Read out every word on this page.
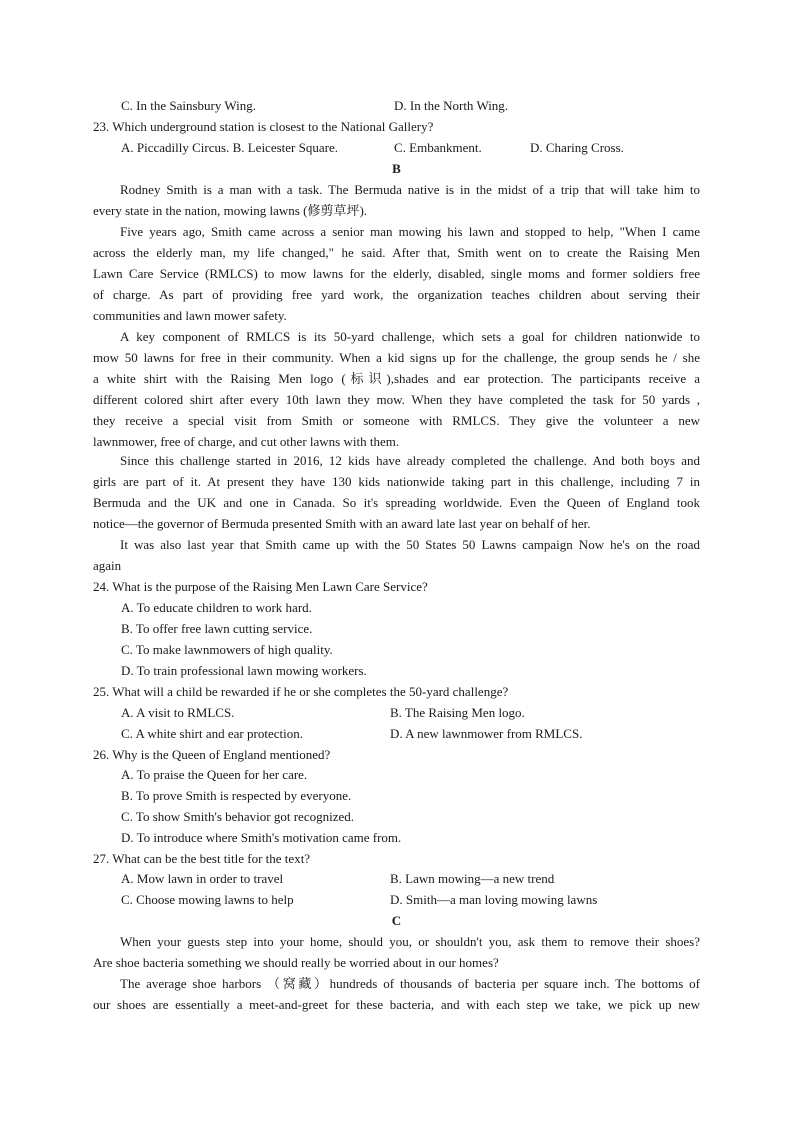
C. In the Sainsbury Wing.	D. In the North Wing.
23. Which underground station is closest to the National Gallery?
A. Piccadilly Circus. B. Leicester Square.	C. Embankment.	D. Charing Cross.
B
Rodney Smith is a man with a task. The Bermuda native is in the midst of a trip that will take him to
every state in the nation, mowing lawns (修剪草坪).
Five years ago, Smith came across a senior man mowing his lawn and stopped to help, "When I came
across the elderly man, my life changed," he said. After that, Smith went on to create the Raising Men
Lawn Care Service (RMLCS) to mow lawns for the elderly, disabled, single moms and former soldiers free
of charge. As part of providing free yard work, the organization teaches children about serving their
communities and lawn mower safety.
A key component of RMLCS is its 50-yard challenge, which sets a goal for children nationwide to
mow 50 lawns for free in their community. When a kid signs up for the challenge, the group sends he / she
a white shirt with the Raising Men logo (标识),shades and ear protection. The participants receive a
different colored shirt after every 10th lawn they mow. When they have completed the task for 50 yards ,
they receive a special visit from Smith or someone with RMLCS. They give the volunteer a new
lawnmower, free of charge, and cut other lawns with them.
Since this challenge started in 2016, 12 kids have already completed the challenge. And both boys and
girls are part of it. At present they have 130 kids nationwide taking part in this challenge, including 7 in
Bermuda and the UK and one in Canada. So it's spreading worldwide. Even the Queen of England took
notice—the governor of Bermuda presented Smith with an award late last year on behalf of her.
It was also last year that Smith came up with the 50 States 50 Lawns campaign Now he's on the road
again
24. What is the purpose of the Raising Men Lawn Care Service?
A. To educate children to work hard.
B. To offer free lawn cutting service.
C. To make lawnmowers of high quality.
D. To train professional lawn mowing workers.
25. What will a child be rewarded if he or she completes the 50-yard challenge?
A. A visit to RMLCS.	B. The Raising Men logo.
C. A white shirt and ear protection.	D. A new lawnmower from RMLCS.
26. Why is the Queen of England mentioned?
A. To praise the Queen for her care.
B. To prove Smith is respected by everyone.
C. To show Smith's behavior got recognized.
D. To introduce where Smith's motivation came from.
27. What can be the best title for the text?
A. Mow lawn in order to travel	B. Lawn mowing—a new trend
C. Choose mowing lawns to help	D. Smith—a man loving mowing lawns
C
When your guests step into your home, should you, or shouldn't you, ask them to remove their shoes?
Are shoe bacteria something we should really be worried about in our homes?
The average shoe harbors （窝藏）hundreds of thousands of bacteria per square inch. The bottoms of
our shoes are essentially a meet-and-greet for these bacteria, and with each step we take, we pick up new
